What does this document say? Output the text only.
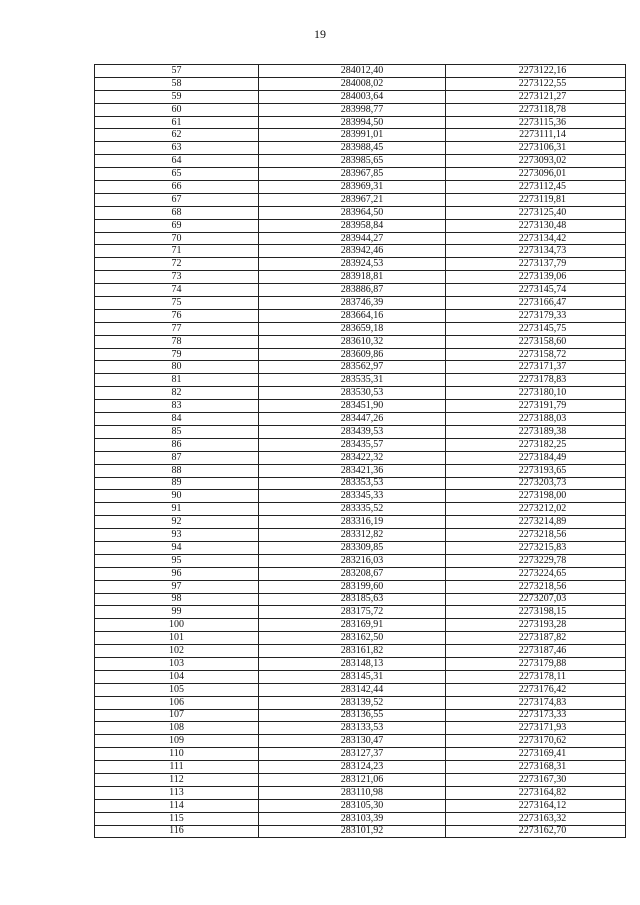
19
57	284012,40	2273122,16
58	284008,02	2273122,55
59	284003,64	2273121,27
60	283998,77	2273118,78
61	283994,50	2273115,36
62	283991,01	2273111,14
63	283988,45	2273106,31
64	283985,65	2273093,02
65	283967,85	2273096,01
66	283969,31	2273112,45
67	283967,21	2273119,81
68	283964,50	2273125,40
69	283958,84	2273130,48
70	283944,27	2273134,42
71	283942,46	2273134,73
72	283924,53	2273137,79
73	283918,81	2273139,06
74	283886,87	2273145,74
75	283746,39	2273166,47
76	283664,16	2273179,33
77	283659,18	2273145,75
78	283610,32	2273158,60
79	283609,86	2273158,72
80	283562,97	2273171,37
81	283535,31	2273178,83
82	283530,53	2273180,10
83	283451,90	2273191,79
84	283447,26	2273188,03
85	283439,53	2273189,38
86	283435,57	2273182,25
87	283422,32	2273184,49
88	283421,36	2273193,65
89	283353,53	2273203,73
90	283345,33	2273198,00
91	283335,52	2273212,02
92	283316,19	2273214,89
93	283312,82	2273218,56
94	283309,85	2273215,83
95	283216,03	2273229,78
96	283208,67	2273224,65
97	283199,60	2273218,56
98	283185,63	2273207,03
99	283175,72	2273198,15
100	283169,91	2273193,28
101	283162,50	2273187,82
102	283161,82	2273187,46
103	283148,13	2273179,88
104	283145,31	2273178,11
105	283142,44	2273176,42
106	283139,52	2273174,83
107	283136,55	2273173,33
108	283133,53	2273171,93
109	283130,47	2273170,62
110	283127,37	2273169,41
111	283124,23	2273168,31
112	283121,06	2273167,30
113	283110,98	2273164,82
114	283105,30	2273164,12
115	283103,39	2273163,32
116	283101,92	2273162,70
